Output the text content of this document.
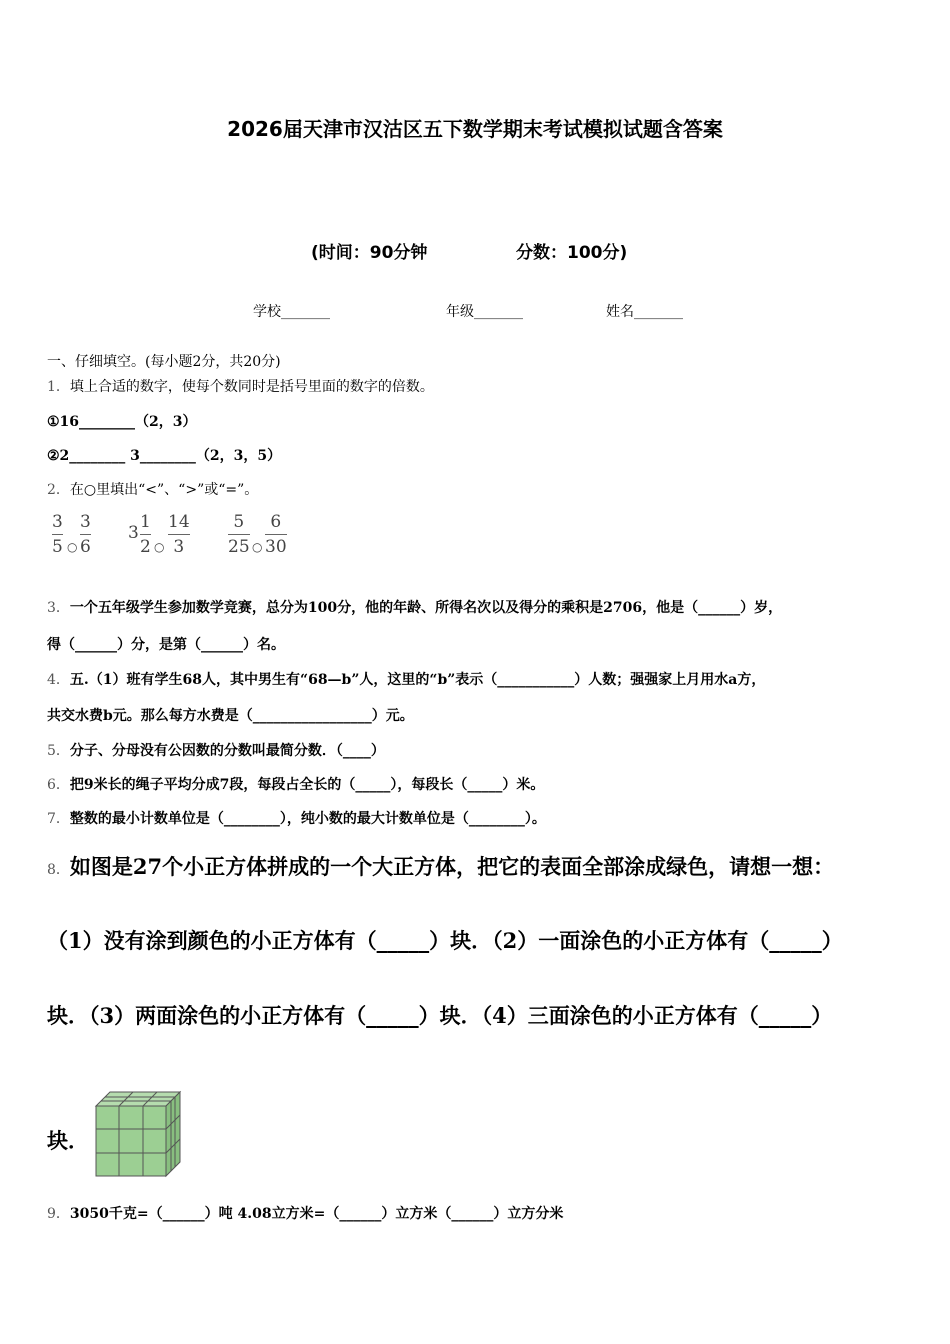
2026届天津市汉沽区五下数学期末考试模拟试题含答案
(时间：90分钟	分数：100分)
学校_______	年级_______	姓名_______
一、仔细填空。(每小题2分，共20分)
1．填上合适的数字，使每个数同时是括号里面的数字的倍数。
①16________（2，3）
②2________ 3________（2，3，5）
2．在○里填出“<”、“>”或“=”。
3
5 ○
3
6
3
1
2 ○
14
3
5
25 ○
6
30
3．一个五年级学生参加数学竞赛，总分为100分，他的年龄、所得名次以及得分的乘积是2706，他是（______）岁，
得（______）分，是第（______）名。
4．五.（1）班有学生68人，其中男生有“68—b”人，这里的“b”表示（___________）人数；强强家上月用水a方，
共交水费b元。那么每方水费是（_________________）元。
5．分子、分母没有公因数的分数叫最简分数．（____）
6．把9米长的绳子平均分成7段，每段占全长的（_____），每段长（_____）米。
7．整数的最小计数单位是（________），纯小数的最大计数单位是（________）。
8．如图是27个小正方体拼成的一个大正方体，把它的表面全部涂成绿色，请想一想：
（1）没有涂到颜色的小正方体有（_____）块．（2）一面涂色的小正方体有（_____）
块．（3）两面涂色的小正方体有（_____）块．（4）三面涂色的小正方体有（_____）
块．
9．3050千克=（______）吨 4.08立方米=（______）立方米（______）立方分米
